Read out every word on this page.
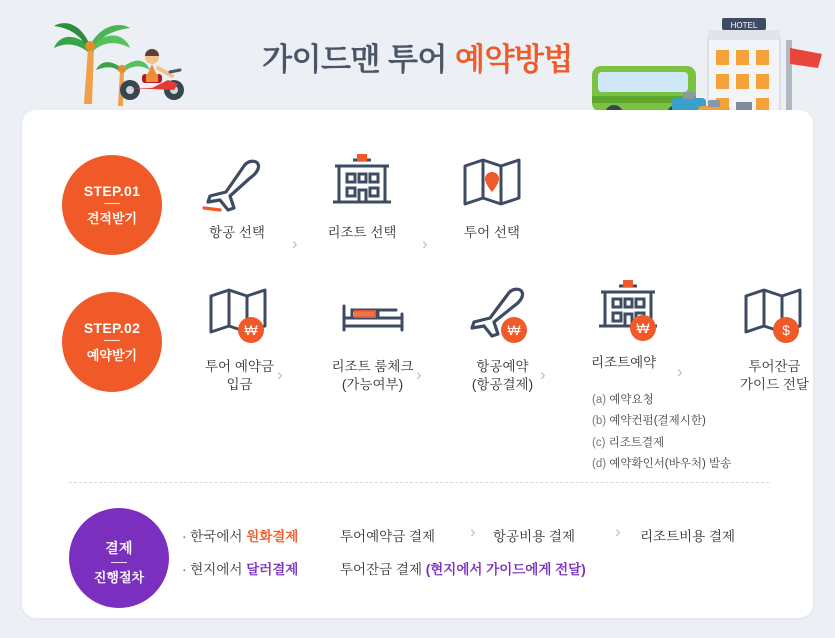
가이드맨 투어 예약방법
HOTEL
STEP.01
견적받기
항공 선택
›
리조트 선택
›
투어 선택
STEP.02
예약받기
₩
투어 예약금
입금
›	리조트 룸체크
(가능여부)
›
₩
항공예약
(항공결제)
›
₩
리조트예약
(a) 예약요청
(b) 예약컨펌(결제시한)
(c) 리조트결제
(d) 예약확인서(바우처) 발송
›
$
투어잔금
가이드 전달
결제
진행절차
· 한국에서 원화결제	투어예약금 결제 › 항공비용 결제 › 리조트비용 결제
· 현지에서 달러결제	투어잔금 결제 (현지에서 가이드에게 전달)
